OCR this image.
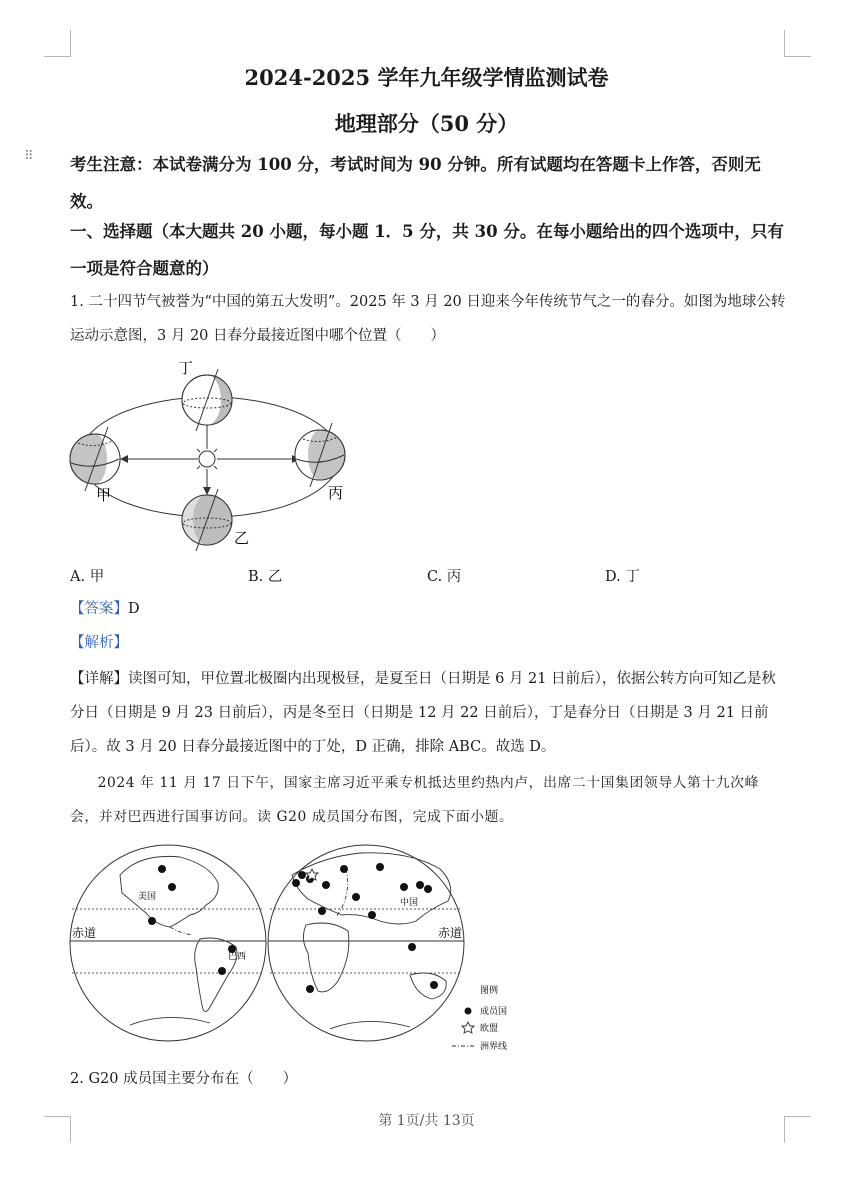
⠿
2024-2025 学年九年级学情监测试卷
地理部分（50 分）
考生注意：本试卷满分为 100 分，考试时间为 90 分钟。所有试题均在答题卡上作答，否则无效。
一、选择题（本大题共 20 小题，每小题 1．5 分，共 30 分。在每小题给出的四个选项中，只有一项是符合题意的）
1. 二十四节气被誉为“中国的第五大发明”。2025 年 3 月 20 日迎来今年传统节气之一的春分。如图为地球公转运动示意图，3 月 20 日春分最接近图中哪个位置（　　）
丁
甲	丙
乙
A. 甲	B. 乙	C. 丙	D. 丁
【答案】D
【解析】
【详解】读图可知，甲位置北极圈内出现极昼，是夏至日（日期是 6 月 21 日前后），依据公转方向可知乙是秋分日（日期是 9 月 23 日前后），丙是冬至日（日期是 12 月 22 日前后），丁是春分日（日期是 3 月 21 日前后）。故 3 月 20 日春分最接近图中的丁处，D 正确，排除 ABC。故选 D。
2024 年 11 月 17 日下午，国家主席习近平乘专机抵达里约热内卢，出席二十国集团领导人第十九次峰会，并对巴西进行国事访问。读 G20 成员国分布图，完成下面小题。
美国
巴西
中国
赤道	赤道
图例
成员国
欧盟
洲界线
2. G20 成员国主要分布在（　　）
第 1页/共 13页
